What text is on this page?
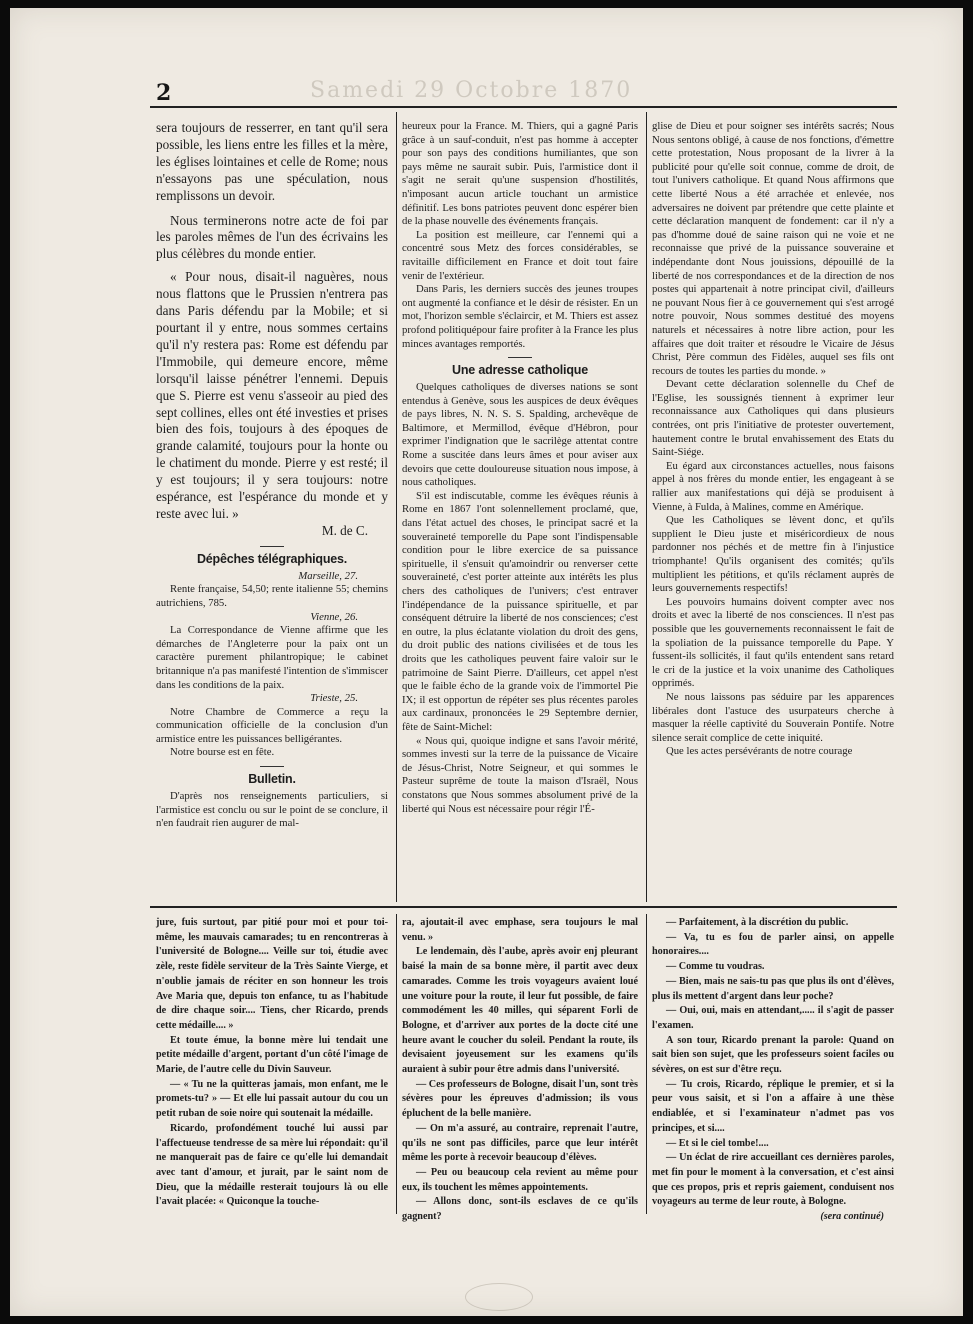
Samedi 29 Octobre 1870
2

sera toujours de resserrer, en tant qu'il sera possible, les liens entre les filles et la mère, les églises lointaines et celle de Rome; nous n'essayons pas une spéculation, nous remplissons un devoir.

Nous terminerons notre acte de foi par les paroles mêmes de l'un des écrivains les plus célèbres du monde entier.

« Pour nous, disait-il naguères, nous nous flattons que le Prussien n'entrera pas dans Paris défendu par la Mobile; et si pourtant il y entre, nous sommes certains qu'il n'y restera pas: Rome est défendu par l'Immobile, qui demeure encore, même lorsqu'il laisse pénétrer l'ennemi. Depuis que S. Pierre est venu s'asseoir au pied des sept collines, elles ont été investies et prises bien des fois, toujours à des époques de grande calamité, toujours pour la honte ou le chatiment du monde. Pierre y est resté; il y est toujours; il y sera toujours: notre espérance, est l'espérance du monde et y reste avec lui. »

M. de C.

Dépêches télégraphiques.

Marseille, 27.

Rente française, 54,50; rente italienne 55; chemins autrichiens, 785.

Vienne, 26.

La Correspondance de Vienne affirme que les démarches de l'Angleterre pour la paix ont un caractère purement philantropique; le cabinet britannique n'a pas manifesté l'intention de s'immiscer dans les conditions de la paix.

Trieste, 25.

Notre Chambre de Commerce a reçu la communication officielle de la conclusion d'un armistice entre les puissances belligérantes.

Notre bourse est en fête.

Bulletin.

D'après nos renseignements particuliers, si l'armistice est conclu ou sur le point de se conclure, il n'en faudrait rien augurer de mal-

heureux pour la France. M. Thiers, qui a gagné Paris grâce à un sauf-conduit, n'est pas homme à accepter pour son pays des conditions humiliantes, que son pays même ne saurait subir. Puis, l'armistice dont il s'agit ne serait qu'une suspension d'hostilités, n'imposant aucun article touchant un armistice définitif. Les bons patriotes peuvent donc espérer bien de la phase nouvelle des événements français.

La position est meilleure, car l'ennemi qui a concentré sous Metz des forces considérables, se ravitaille difficilement en France et doit tout faire venir de l'extérieur.

Dans Paris, les derniers succès des jeunes troupes ont augmenté la confiance et le désir de résister. En un mot, l'horizon semble s'éclaircir, et M. Thiers est assez profond politiquépour faire profiter à la France les plus minces avantages remportés.

Une adresse catholique

Quelques catholiques de diverses nations se sont entendus à Genève, sous les auspices de deux évêques de pays libres, N. N. S. S. Spalding, archevêque de Baltimore, et Mermillod, évêque d'Hébron, pour exprimer l'indignation que le sacrilège attentat contre Rome a suscitée dans leurs âmes et pour aviser aux devoirs que cette douloureuse situation nous impose, à nous catholiques.

S'il est indiscutable, comme les évêques réunis à Rome en 1867 l'ont solennellement proclamé, que, dans l'état actuel des choses, le principat sacré et la souveraineté temporelle du Pape sont l'indispensable condition pour le libre exercice de sa puissance spirituelle, il s'ensuit qu'amoindrir ou renverser cette souveraineté, c'est porter atteinte aux intérêts les plus chers des catholiques de l'univers; c'est entraver l'indépendance de la puissance spirituelle, et par conséquent détruire la liberté de nos consciences; c'est en outre, la plus éclatante violation du droit des gens, du droit public des nations civilisées et de tous les droits que les catholiques peuvent faire valoir sur le patrimoine de Saint Pierre. D'ailleurs, cet appel n'est que le faible écho de la grande voix de l'immortel Pie IX; il est opportun de répéter ses plus récentes paroles aux cardinaux, prononcées le 29 Septembre dernier, fête de Saint-Michel:

« Nous qui, quoique indigne et sans l'avoir mérité, sommes investi sur la terre de la puissance de Vicaire de Jésus-Christ, Notre Seigneur, et qui sommes le Pasteur suprême de toute la maison d'Israël, Nous constatons que Nous sommes absolument privé de la liberté qui Nous est nécessaire pour régir l'É-

glise de Dieu et pour soigner ses intérêts sacrés; Nous Nous sentons obligé, à cause de nos fonctions, d'émettre cette protestation, Nous proposant de la livrer à la publicité pour qu'elle soit connue, comme de droit, de tout l'univers catholique. Et quand Nous affirmons que cette liberté Nous a été arrachée et enlevée, nos adversaires ne doivent par prétendre que cette plainte et cette déclaration manquent de fondement: car il n'y a pas d'homme doué de saine raison qui ne voie et ne reconnaisse que privé de la puissance souveraine et indépendante dont Nous jouissions, dépouillé de la liberté de nos correspondances et de la direction de nos postes qui appartenait à notre principat civil, d'ailleurs ne pouvant Nous fier à ce gouvernement qui s'est arrogé notre pouvoir, Nous sommes destitué des moyens naturels et nécessaires à notre libre action, pour les affaires que doit traiter et résoudre le Vicaire de Jésus Christ, Père commun des Fidèles, auquel ses fils ont recours de toutes les parties du monde. »

Devant cette déclaration solennelle du Chef de l'Eglise, les soussignés tiennent à exprimer leur reconnaissance aux Catholiques qui dans plusieurs contrées, ont pris l'initiative de protester ouvertement, hautement contre le brutal envahissement des Etats du Saint-Siége.

Eu égard aux circonstances actuelles, nous faisons appel à nos frères du monde entier, les engageant à se rallier aux manifestations qui déjà se produisent à Vienne, à Fulda, à Malines, comme en Amérique.

Que les Catholiques se lèvent donc, et qu'ils supplient le Dieu juste et miséricordieux de nous pardonner nos péchés et de mettre fin à l'injustice triomphante! Qu'ils organisent des comités; qu'ils multiplient les pétitions, et qu'ils réclament auprès de leurs gouvernements respectifs!

Les pouvoirs humains doivent compter avec nos droits et avec la liberté de nos consciences. Il n'est pas possible que les gouvernements reconnaissent le fait de la spoliation de la puissance temporelle du Pape. Y fussent-ils sollicités, il faut qu'ils entendent sans retard le cri de la justice et la voix unanime des Catholiques opprimés.

Ne nous laissons pas séduire par les apparences libérales dont l'astuce des usurpateurs cherche à masquer la réelle captivité du Souverain Pontife. Notre silence serait complice de cette iniquité.

Que les actes persévérants de notre courage

jure, fuis surtout, par pitié pour moi et pour toi-même, les mauvais camarades; tu en rencontreras à l'université de Bologne.... Veille sur toi, étudie avec zèle, reste fidèle serviteur de la Très Sainte Vierge, et n'oublie jamais de réciter en son honneur les trois Ave Maria que, depuis ton enfance, tu as l'habitude de dire chaque soir.... Tiens, cher Ricardo, prends cette médaille.... »

Et toute émue, la bonne mère lui tendait une petite médaille d'argent, portant d'un côté l'image de Marie, de l'autre celle du Divin Sauveur.

— « Tu ne la quitteras jamais, mon enfant, me le promets-tu? » — Et elle lui passait autour du cou un petit ruban de soie noire qui soutenait la médaille.

Ricardo, profondément touché lui aussi par l'affectueuse tendresse de sa mère lui répondait: qu'il ne manquerait pas de faire ce qu'elle lui demandait avec tant d'amour, et jurait, par le saint nom de Dieu, que la médaille resterait toujours là ou elle l'avait placée: « Quiconque la touche-

ra, ajoutait-il avec emphase, sera toujours le mal venu. »

Le lendemain, dès l'aube, après avoir enj pleurant baisé la main de sa bonne mère, il partit avec deux camarades. Comme les trois voyageurs avaient loué une voiture pour la route, il leur fut possible, de faire commodément les 40 milles, qui séparent Forli de Bologne, et d'arriver aux portes de la docte cité une heure avant le coucher du soleil. Pendant la route, ils devisaient joyeusement sur les examens qu'ils auraient à subir pour être admis dans l'université.

— Ces professeurs de Bologne, disait l'un, sont très sévères pour les épreuves d'admission; ils vous épluchent de la belle manière.

— On m'a assuré, au contraire, reprenait l'autre, qu'ils ne sont pas difficiles, parce que leur intérêt même les porte à recevoir beaucoup d'élèves.

— Peu ou beaucoup cela revient au même pour eux, ils touchent les mêmes appointements.

— Allons donc, sont-ils esclaves de ce qu'ils gagnent?

— Parfaitement, à la discrétion du public.

— Va, tu es fou de parler ainsi, on appelle honoraires....

— Comme tu voudras.

— Bien, mais ne sais-tu pas que plus ils ont d'élèves, plus ils mettent d'argent dans leur poche?

— Oui, oui, mais en attendant,..... il s'agit de passer l'examen.

A son tour, Ricardo prenant la parole: Quand on sait bien son sujet, que les professeurs soient faciles ou sévères, on est sur d'être reçu.

— Tu crois, Ricardo, réplique le premier, et si la peur vous saisit, et si l'on a affaire à une thèse endiablée, et si l'examinateur n'admet pas vos principes, et si....

— Et si le ciel tombe!....

— Un éclat de rire accueillant ces dernières paroles, met fin pour le moment à la conversation, et c'est ainsi que ces propos, pris et repris gaiement, conduisent nos voyageurs au terme de leur route, à Bologne.

(sera continué)
